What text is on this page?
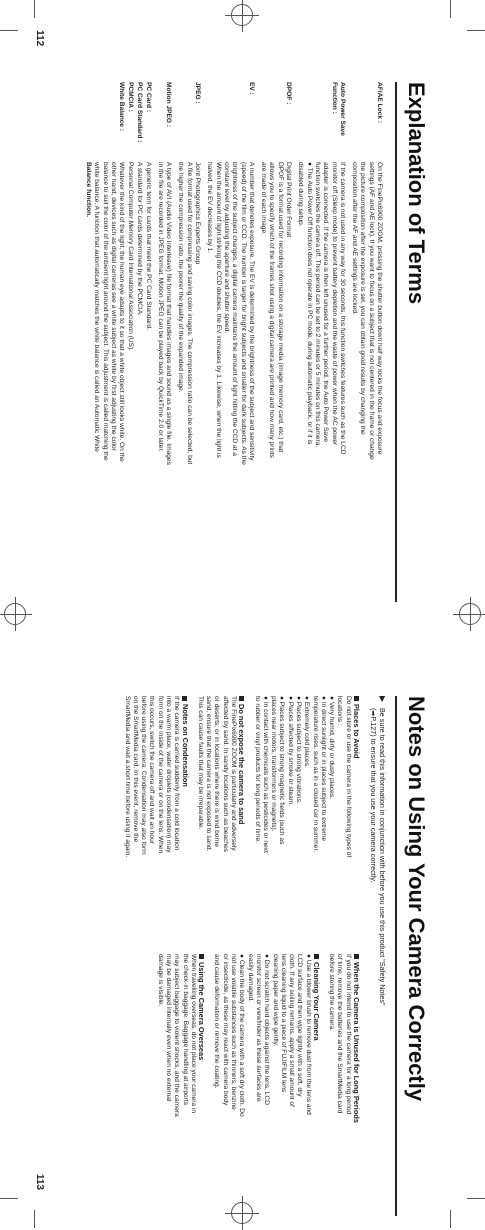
Explanation of Terms
AF/AE Lock :
On the FinePix6900 ZOOM, pressing the shutter button down half way locks the focus and exposure
settings (AF and AE lock). If you want to focus on a subject that is not centered in the frame or change
the picture composition after the exposure is set, you can obtain good results by changing the
composition after the AF and AE settings are locked.
Auto Power Save Function :
If the camera is not used in any way for 30 seconds, this function switches features such as the LCD
monitor off (Sleep mode) to prevent battery depletion and the waste of power when the AC power
adapter is connected. If the camera is then left unused for a further period, the Auto Power Save
function switches the camera off. This period can be set to 2 minutes or 5 minutes on this camera.
● The Auto Power Off function does not operate in PC mode, during automatic playback, or if it is
disabled during setup.
DPOF :
Digital Print Order Format
DPOF is a format used for recording information on a storage media (image memory card, etc.) that
allows you to specify which of the frames shot using a digital camera are printed and how many prints
are made of each image.
EV :
A number that denotes exposure. The EV is determined by the brightness of the subject and sensitivity
(speed) of the film or CCD. The number is larger for bright subjects and smaller for dark subjects. As the
brightness of the subject changes, a digital camera maintains the amount of light hitting the CCD at a
constant level by adjusting the aperture and shutter speed.
When the amount of light striking the CCD doubles, the EV increases by 1. Likewise, when the light is
halved, the EV decreases by 1.
JPEG :
Joint Photographics Experts Group
A file format used for compressing and saving color images. The compression ratio can be selected, but
the higher the compression ratio, the poorer the quality of the expanded image.
Motion JPEG :
A type of AVI (Audio Video Interleave) file format that handles images and sound as a single file. Images
in the file are recorded in JPEG format. Motion JPEG can be played back by QuickTime 2.0 or later.
PC Card :
A generic term for cards that meet the PC Card Standard.
PC Card Standard :
A standard for PC cards determined by the PCMCIA.
PCMCIA :
Personal Computer Memory Card International Association (US).
White Balance :
Whatever the kind of the light, the human eye adapts to it so that a white object still looks white. On the
other hand, devices such as digital cameras see a white subject as white by first adjusting the color
balance to suit the color of the ambient light around the subject. This adjustment is called matching the
white balance. A function that automatically matches the white balance is called an Automatic White
Balance function.
112
Notes on Using Your Camera Correctly
▶
Be sure to read this information in conjunction with before you use this product "Safety Notes"
(➡P.127) to ensure that you use your camera correctly.
Places to Avoid
Do not store or use the camera in the following types of
locations :
● Very humid, dirty or dusty places.
● In direct sunlight or in places subject to extreme
temperature rises, such as in a closed car in summer.
● Extremely cold places.
● Places subject to strong vibrations.
● Places affected by smoke or steam.
● Places subject to strong magnetic fields (such as
places near motors, transformers or magnets).
● In contact with chemicals such as pesticides or next
to rubber or vinyl products for long periods of time.
Do not expose the camera to sand
The FinePix6900 ZOOM is particularly and adversely
affected by sand. In sandy locations such as beaches
or deserts, or in locations where there is wind borne
sand, ensure that the camera is not exposed to sand.
This can cause faults that may be irreparable.
Notes on Condensation
If the camera is carried suddenly from a cold location
into a warm place, water droplets (condensation) may
form on the inside of the camera or on the lens. When
this occurs, switch the camera off and wait an hour
before using the camera. Condensation may also form
on the SmartMedia card. In this event, remove the
SmartMedia and wait a short time before using it again.
When the Camera is Unused for Long Periods
If you do not intend to use the camera for a long period
of time, remove the batteries and the SmartMedia card
before storing the camera.
Cleaning Your Camera
● Use a blower brush to remove dust from the lens and
LCD surface and then wipe lightly with a soft, dry
cloth. If any soiling remains, apply a small amount of
lens cleaning liquid to a piece of FUJIFILM lens
cleaning paper and wipe gently.
● Do not scratch hard objects against the lens, LCD
monitor screen or viewfinder as these surfaces are
easily damaged.
● Clean the body of the camera with a soft dry cloth. Do
not use volatile substances such as thinners, benzine
or insecticide, as these may react with camera body
and cause deformation or remove the coating.
Using the Camera Overseas
When travelling overseas, do not place your camera in
the check-in baggage. Baggage handling at airports
may subject baggage to violent shocks, and the camera
may be damaged internally even when no external
damage is visible.
113
